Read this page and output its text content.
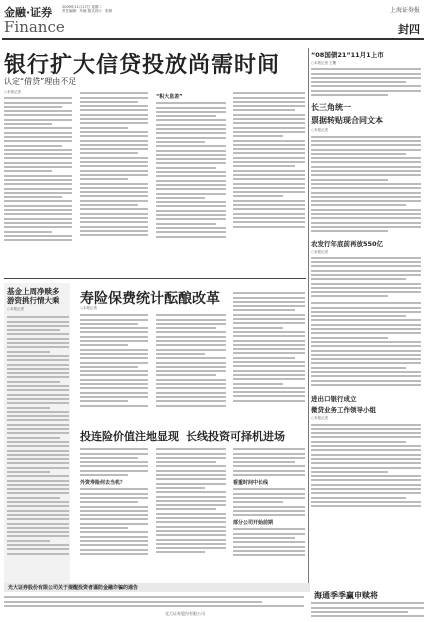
金融·证券
Finance
2009年11月17日 星期二
责任编辑：车晓 版式设计：张林	上海证券报
封四
银行扩大信贷投放尚需时间
认定“借贷”理由不足
○本报记者
“积大息差”
“08国债21”11月1上市
○本报记者 王鹰
长三角统一
票据转贴现合同文本
○本报记者
农发行年底前再放550亿
○本报记者
进出口银行成立
微贷业务工作领导小组
○本报记者
海通季季赢申赎将
基金上周净赎多 游资挑行情大乘
○本报记者
寿险保费统计酝酿改革
○本报记者
投连险价值注地显现 长线投资可择机进场
外资寿险何去当机？	看重时间中长线
部分公司开始前期
光大证券股份有限公司关于提醒投资者谨防金融诈骗的通告
光大证券股份有限公司
